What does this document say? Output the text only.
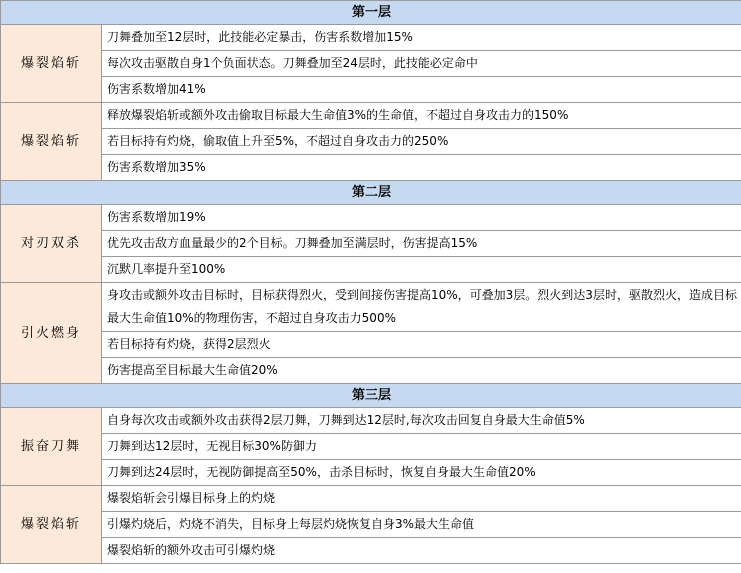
第一层	
爆裂焰斩	刀舞叠加至12层时，此技能必定暴击，伤害系数增加15%
	每次攻击驱散自身1个负面状态。刀舞叠加至24层时，此技能必定命中
	伤害系数增加41%
爆裂焰斩	释放爆裂焰斩或额外攻击偷取目标最大生命值3%的生命值，不超过自身攻击力的150%
	若目标持有灼烧，偷取值上升至5%，不超过自身攻击力的250%
	伤害系数增加35%
第二层	
对刃双杀	伤害系数增加19%
	优先攻击敌方血量最少的2个目标。刀舞叠加至满层时，伤害提高15%
	沉默几率提升至100%
引火燃身	身攻击或额外攻击目标时，目标获得烈火，受到间接伤害提高10%，可叠加3层。烈火到达3层时，驱散烈火，造成目标最大生命值10%的物理伤害，不超过自身攻击力500%
	若目标持有灼烧，获得2层烈火
	伤害提高至目标最大生命值20%
第三层	
振奋刀舞	自身每次攻击或额外攻击获得2层刀舞，刀舞到达12层时,每次攻击回复自身最大生命值5%
	刀舞到达12层时，无视目标30%防御力
	刀舞到达24层时，无视防御提高至50%，击杀目标时，恢复自身最大生命值20%
爆裂焰斩	爆裂焰斩会引爆目标身上的灼烧
	引爆灼烧后，灼烧不消失，目标身上每层灼烧恢复自身3%最大生命值
	爆裂焰斩的额外攻击可引爆灼烧
